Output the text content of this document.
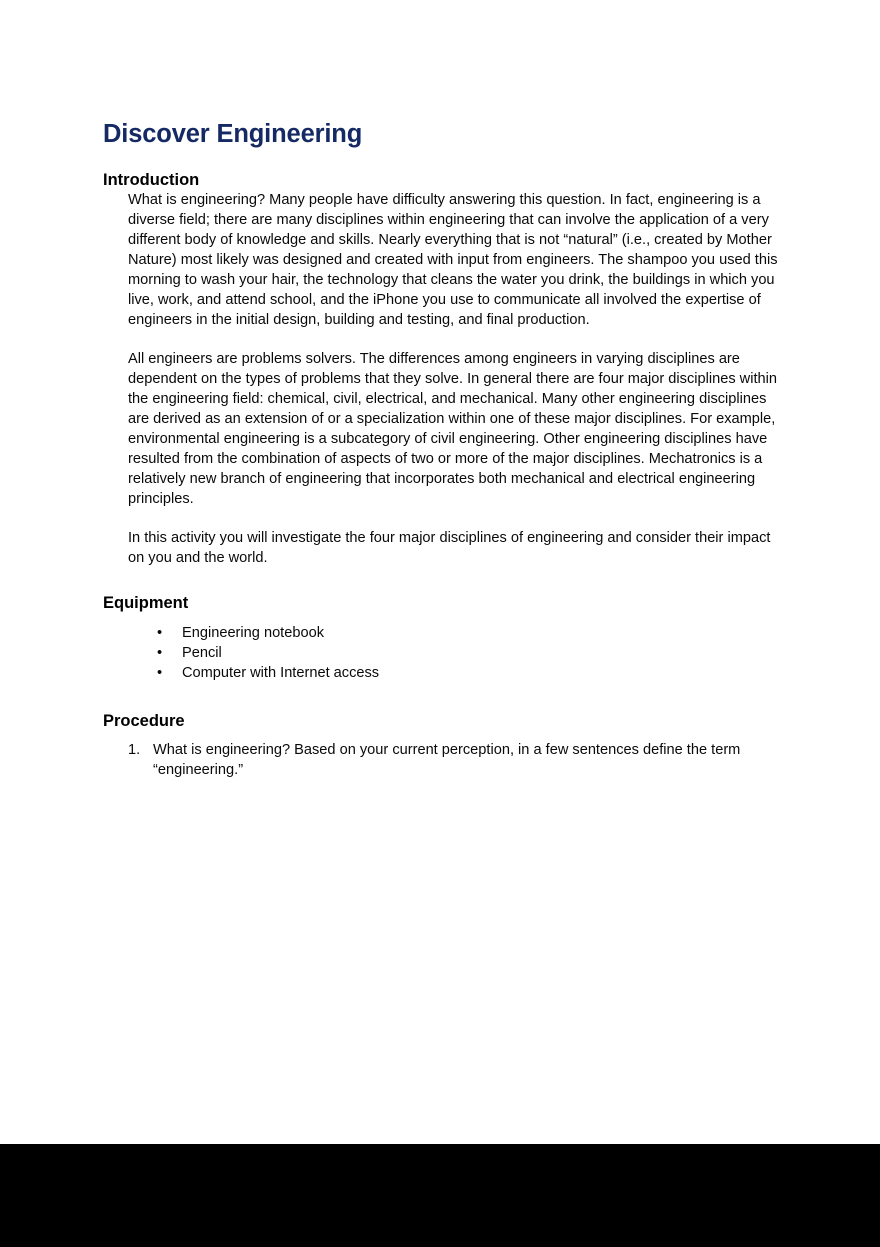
Discover Engineering
Introduction

What is engineering? Many people have difficulty answering this question. In fact, engineering is a diverse field; there are many disciplines within engineering that can involve the application of a very different body of knowledge and skills. Nearly everything that is not “natural” (i.e., created by Mother Nature) most likely was designed and created with input from engineers. The shampoo you used this morning to wash your hair, the technology that cleans the water you drink, the buildings in which you live, work, and attend school, and the iPhone you use to communicate all involved the expertise of engineers in the initial design, building and testing, and final production.

All engineers are problems solvers. The differences among engineers in varying disciplines are dependent on the types of problems that they solve. In general there are four major disciplines within the engineering field: chemical, civil, electrical, and mechanical. Many other engineering disciplines are derived as an extension of or a specialization within one of these major disciplines. For example, environmental engineering is a subcategory of civil engineering. Other engineering disciplines have resulted from the combination of aspects of two or more of the major disciplines. Mechatronics is a relatively new branch of engineering that incorporates both mechanical and electrical engineering principles.

In this activity you will investigate the four major disciplines of engineering and consider their impact on you and the world.

Equipment
• Engineering notebook
• Pencil
• Computer with Internet access
Procedure
1. What is engineering? Based on your current perception, in a few sentences define the term “engineering.”
